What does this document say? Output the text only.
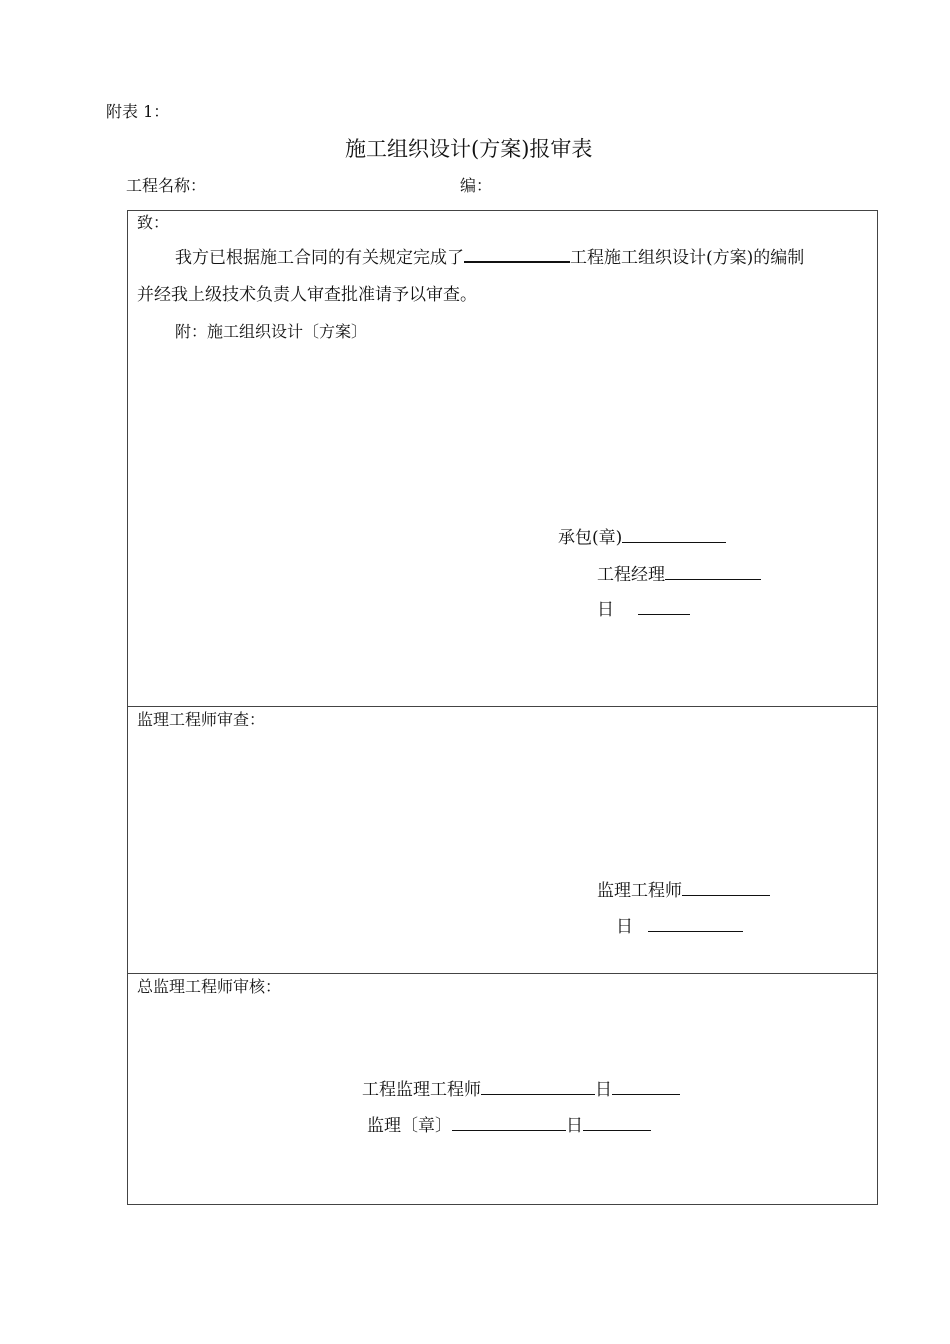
附表 1：
施工组织设计(方案)报审表
工程名称：	编：
致：
我方已根据施工合同的有关规定完成了	工程施工组织设计(方案)的编制
并经我上级技术负责人审查批准请予以审查。
附：施工组织设计〔方案〕
承包(章)
工程经理
日
监理工程师审查：
监理工程师
日
总监理工程师审核：
工程监理工程师	日
监理〔章〕	日
